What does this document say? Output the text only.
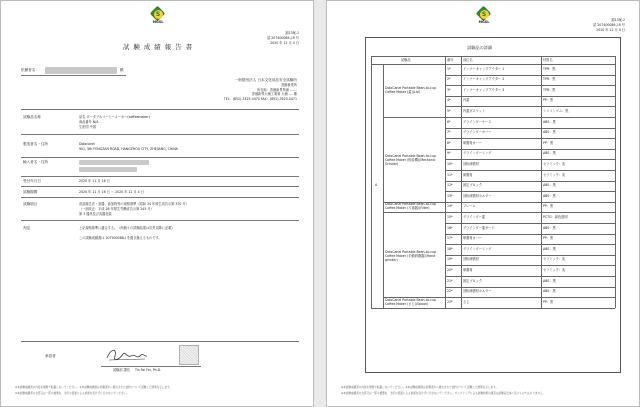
S
MGSL
割13案-1
試 207400089-J-R 号
2020 年 12 月 4 日
試 験 成 績 報 告 書
依頼者名：	殿
一般財団法人 日本文化用品安全試験所
香港事業所
所在地：香港新界葵涌 .......
香港新界大埔工業邨 大埔 .... 棟
TEL：(852)-3525-0470 FAX：(852)-3525-0471
試験品名称	品名 ポータブルコーヒーメーカー(coffeemaker)
商品番号 N/A
生産国 中国
製造者名・住所	Dolocanel
901, 5th FENGZAN ROAD, HANGZHOU CITY, ZHEJIANG, CHINA
輸入者名・住所
受付年月日	2020 年 11 月 16 日
試験期間	2020 年 11 月 16 日 ～ 2020 年 12 月 4 日
試験項目	食品衛生法・食器、添加物等の規格基準（昭和 34 年厚生省告示第 370 号）
（一部改正：平成 28 年厚生労働省告示第 245 号）
第 3 器具及び容器包装
判定	上記規格基準に適合する。（尚個々の試験結果は次頁以降に記載）
この試験成績書は 207400088-J を置き換えるものです。
承認者
試験部 課長 Tin Fai Fei, Ph.D.
※本試験成績書の内容を無断で転載しないでください。※本試験成績書は依頼者から提出された試料について試験した結果を示します。
※本試験成績書の全部又は一部の複製を、当所の書面による承認を受けずに行わないでください。
S
MGSL	割13案-2
試 207400089-J-R 号
2020 年 12 月 4 日
試験品の詳細
※本試験成績書の内容を無断で転載しないでください。※本試験成績書は依頼者から提出された試料について試験した結果を示します。
※本試験成績書の全部又は一部の複製を、当所の書面による承認を受けずに行わないでください。サンプリングによる試験結果の適否は試験品全体に及ぶものではありません。
試験品	番号	部位名	材質名
A
DoloCanel Portable Bean-to-cup Coffee Maker (蓋)(Lid)
1*	インナーキャップアウター 1	TPR：黒
2*	インナーキャップアウター 2	TPR：黒
3*	インナーキャップアウター 3	TPR：黒
4*	内蓋	PP：黒
5*	内蓋ガスケット	シリコンゴム：黒
DoloCanel Portable Bean-to-cup Coffee Maker (粉砕機)(Mechanic Grinder)
6*	グラインダーケース	ABS：黒
7*	グラインダーカバー	ABS：黒
8*	研磨材カバー	PP：黒
9*	グラインダーリング	ABS：黒
10*	回転研磨材	セラミック：灰
11*	研磨材	セラミック：灰
12*	固定ブロック	ABS：黒
13*	回転研磨材ホルダー	ABS：黒
DoloCanel Portable Bean-to-cup Coffee Maker (ろ過器)(Filter)	14*	フレーム	PP：黒
DoloCanel Portable Bean-to-cup Coffee Maker (手動研磨器)(Hand grinder)
15*	グラインダー蓋	PCTG：緑色透明
16*	グラインダー蓋ガード	ABS：黒
17*	研磨材カバー	PP：黒
18*	グラインダーリング	ABS：黒
19*	回転研磨材	セラミック：灰
20*	研磨材	セラミック：灰
21*	固定ブロック	ABS：黒
22*	回転研磨材ホルダー	ABS：黒
DoloCanel Portable Bean-to-cup Coffee Maker (さじ)(Spoon)	23*	さじ	PP：黒
